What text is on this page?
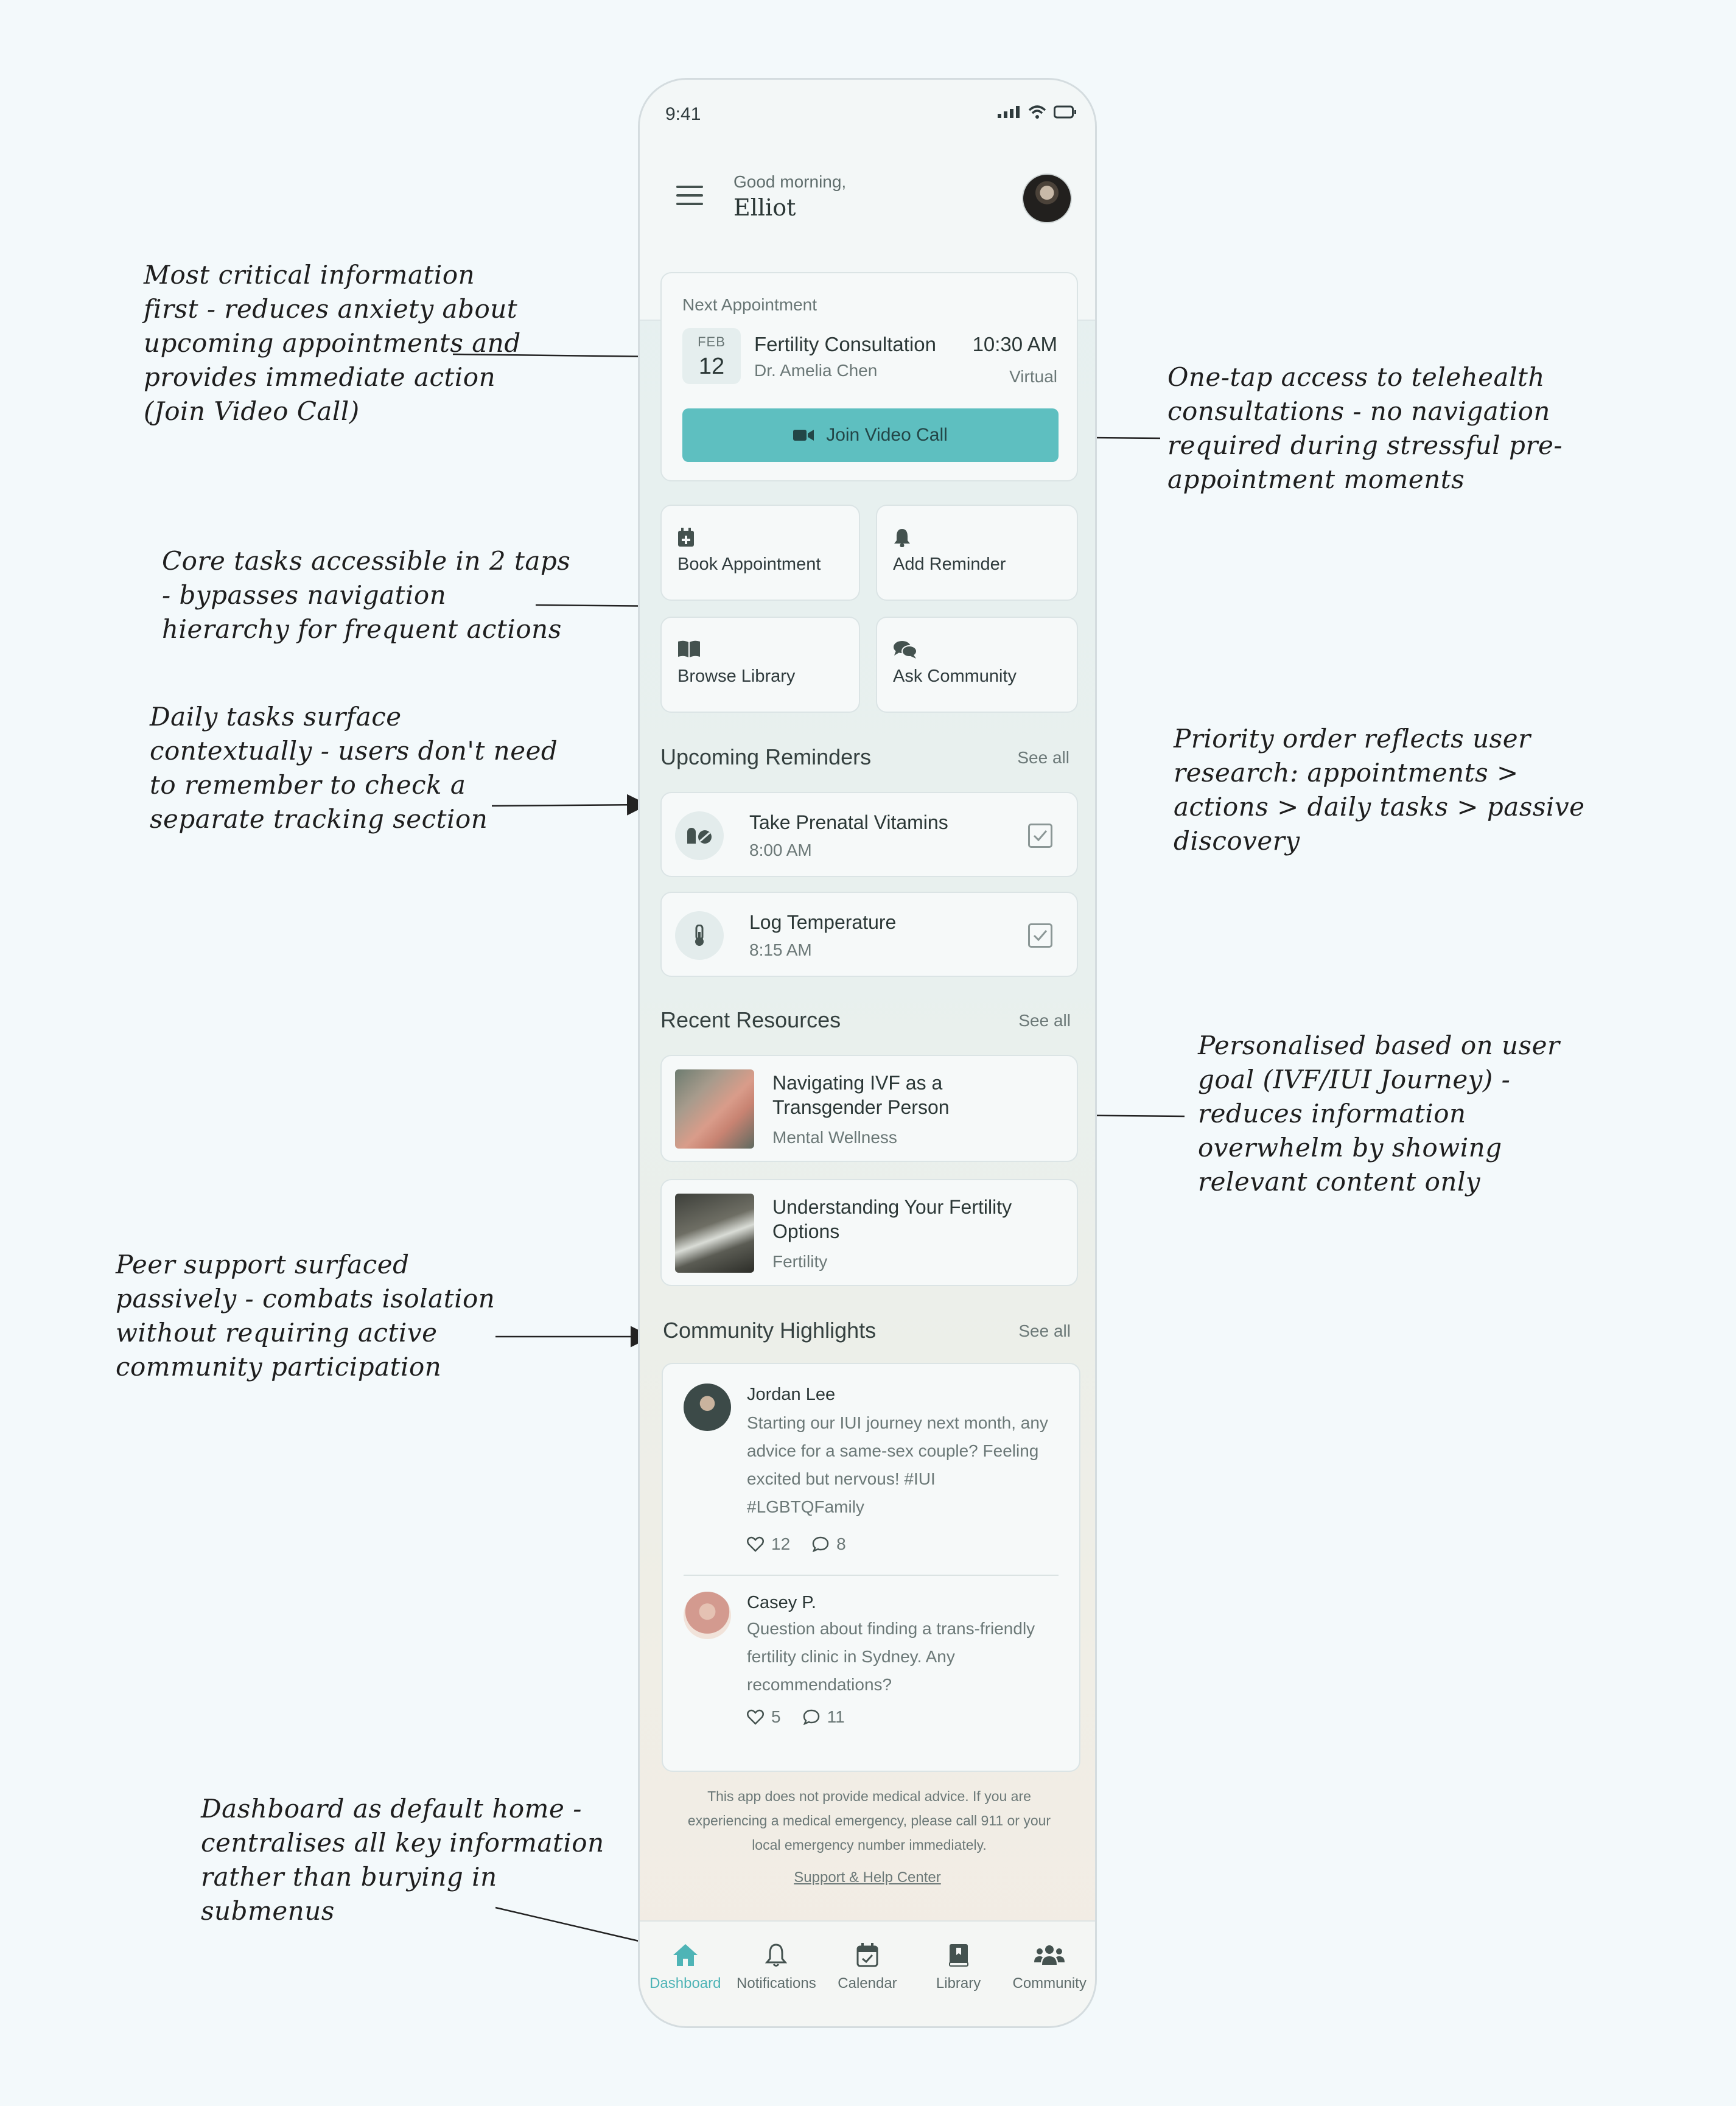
Most critical information first - reduces anxiety about upcoming appointments and provides immediate action (Join Video Call)
Core tasks accessible in 2 taps - bypasses navigation hierarchy for frequent actions
Daily tasks surface contextually - users don't need to remember to check a separate tracking section
Peer support surfaced passively - combats isolation without requiring active community participation
Dashboard as default home - centralises all key information rather than burying in submenus
One-tap access to telehealth consultations - no navigation required during stressful pre-appointment moments
Priority order reflects user research: appointments > actions > daily tasks > passive discovery
Personalised based on user goal (IVF/IUI Journey) - reduces information overwhelm by showing relevant content only
9:41
Good morning,
Elliot
Next Appointment
FEB
12
Fertility Consultation
Dr. Amelia Chen
10:30 AM
Virtual
Join Video Call
Book Appointment	Add Reminder
Browse Library	Ask Community
Upcoming Reminders	See all
Take Prenatal Vitamins
8:00 AM
Log Temperature
8:15 AM
Recent Resources	See all
Navigating IVF as a Transgender Person
Mental Wellness
Understanding Your Fertility Options
Fertility
Community Highlights	See all
Jordan Lee
Starting our IUI journey next month, any advice for a same-sex couple? Feeling excited but nervous! #IUI #LGBTQFamily
12	8
Casey P.
Question about finding a trans-friendly fertility clinic in Sydney. Any recommendations?
5	11
This app does not provide medical advice. If you are experiencing a medical emergency, please call 911 or your local emergency number immediately.
Support & Help Center
Dashboard	Notifications	Calendar	Library	Community
